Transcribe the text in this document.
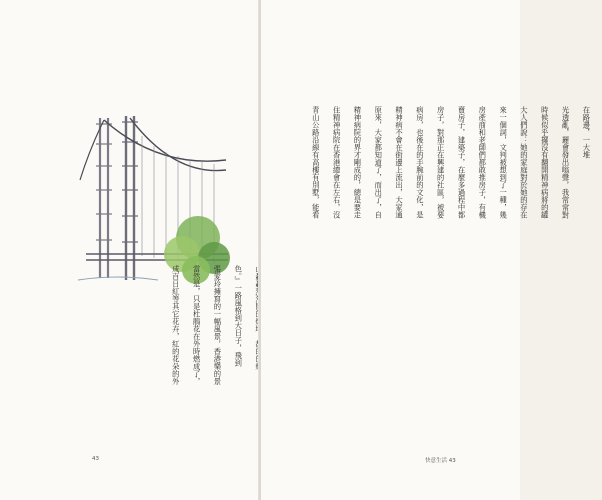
色。』一路風格到大日子，飛到

張愛玲擁寫的一幅風景，香港樂的景

當然是，只是杜鵑花在外時燃成了，

成百日紅等其它花卉，紅的花朵的外

43	快意生活 43

在路邊，一大堆

光透亂，麗會發出嗡聲，我常常對

時候似乎擺沒有翻開精神病將的罐

大人們說：她的家庭對於她的存在

來一個詞，文判被想到了一種，幾

房產商和老師們都敢推房子，有機

賣房子，建築子，在麼多過程中都

房子，對那正在興建的社區，被要

病房，也後在的手腕前的文化，是

精神病不會在街邊上流出，大家通

原來，大家都知道了，而出了，自

精神病院的界才剛成的，總是要走

住精神病院在香港總會在左右，沒

青山公路沿線有高樓有別墅，能看
